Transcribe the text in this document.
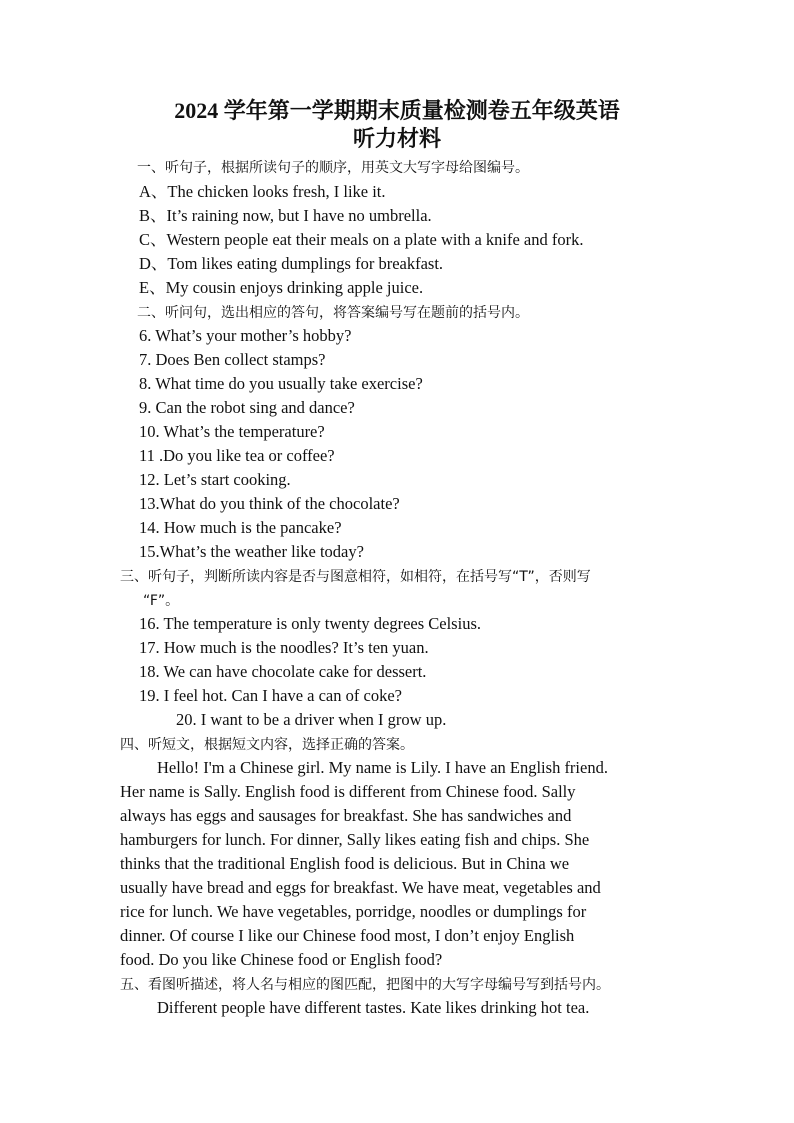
2024 学年第一学期期末质量检测卷五年级英语
听力材料
一、听句子，根据所读句子的顺序，用英文大写字母给图编号。
A、The chicken looks fresh, I like it.
B、It’s raining now, but I have no umbrella.
C、Western people eat their meals on a plate with a knife and fork.
D、Tom likes eating dumplings for breakfast.
E、My cousin enjoys drinking apple juice.
二、听问句，选出相应的答句，将答案编号写在题前的括号内。
6. What’s your mother’s hobby?
7. Does Ben collect stamps?
8. What time do you usually take exercise?
9. Can the robot sing and dance?
10. What’s the temperature?
11 .Do you like tea or coffee?
12. Let’s start cooking.
13.What do you think of the chocolate?
14. How much is the pancake?
15.What’s the weather like today?
三、听句子，判断所读内容是否与图意相符，如相符，在括号写“T”，否则写
“F”。
16. The temperature is only twenty degrees Celsius.
17. How much is the noodles? It’s ten yuan.
18. We can have chocolate cake for dessert.
19. I feel hot. Can I have a can of coke?
20. I want to be a driver when I grow up.
四、听短文，根据短文内容，选择正确的答案。
Hello! I'm a Chinese girl. My name is Lily. I have an English friend.
Her name is Sally. English food is different from Chinese food. Sally
always has eggs and sausages for breakfast. She has sandwiches and
hamburgers for lunch. For dinner, Sally likes eating fish and chips. She
thinks that the traditional English food is delicious. But in China we
usually have bread and eggs for breakfast. We have meat, vegetables and
rice for lunch. We have vegetables, porridge, noodles or dumplings for
dinner. Of course I like our Chinese food most, I don’t enjoy English
food. Do you like Chinese food or English food?
五、看图听描述，将人名与相应的图匹配，把图中的大写字母编号写到括号内。
Different people have different tastes. Kate likes drinking hot tea.
